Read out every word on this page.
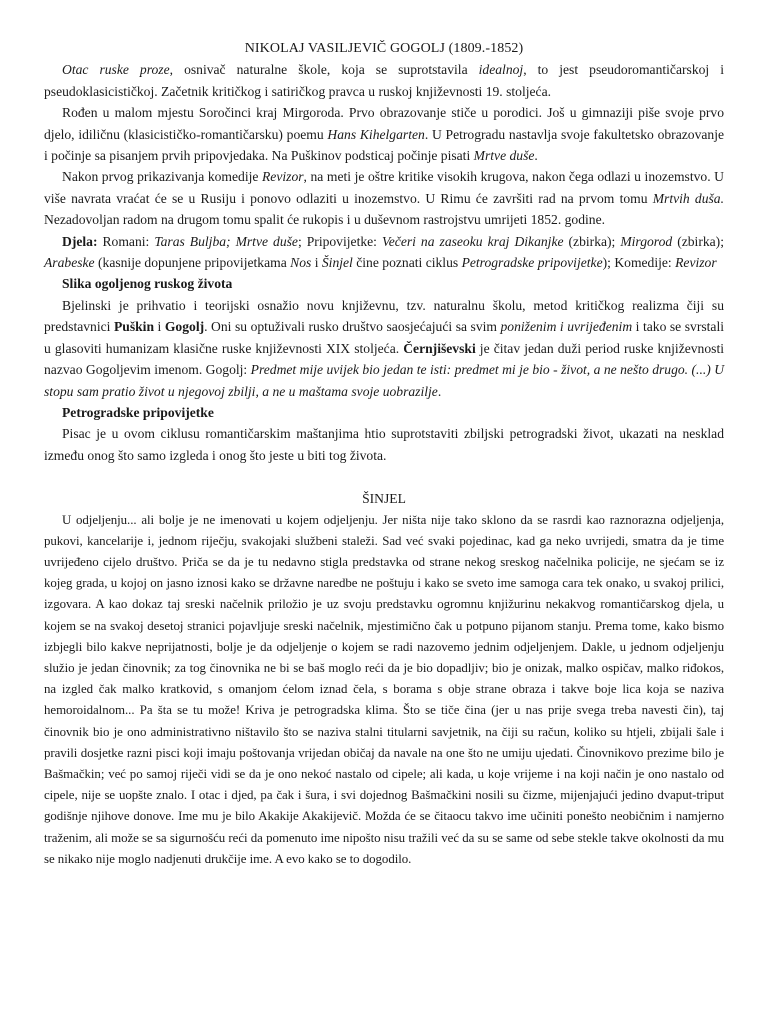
NIKOLAJ VASILJEVIČ GOGOLJ (1809.-1852)

Otac ruske proze, osnivač naturalne škole, koja se suprotstavila idealnoj, to jest pseudoromantičarskoj i pseudoklasicističkoj. Začetnik kritičkog i satiričkog pravca u ruskoj književnosti 19. stoljeća.

Rođen u malom mjestu Soročinci kraj Mirgoroda. Prvo obrazovanje stiče u porodici. Još u gimnaziji piše svoje prvo djelo, idiličnu (klasicističko-romantičarsku) poemu Hans Kihelgarten. U Petrogradu nastavlja svoje fakultetsko obrazovanje i počinje sa pisanjem prvih pripovjedaka. Na Puškinov podsticaj počinje pisati Mrtve duše.

Nakon prvog prikazivanja komedije Revizor, na meti je oštre kritike visokih krugova, nakon čega odlazi u inozemstvo. U više navrata vraćat će se u Rusiju i ponovo odlaziti u inozemstvo. U Rimu će završiti rad na prvom tomu Mrtvih duša. Nezadovoljan radom na drugom tomu spalit će rukopis i u duševnom rastrojstvu umrijeti 1852. godine.

Djela: Romani: Taras Buljba; Mrtve duše; Pripovijetke: Večeri na zaseoku kraj Dikanjke (zbirka); Mirgorod (zbirka); Arabeske (kasnije dopunjene pripovijetkama Nos i Šinjel čine poznati ciklus Petrogradske pripovijetke); Komedije: Revizor

Slika ogoljenog ruskog života

Bjelinski je prihvatio i teorijski osnažio novu književnu, tzv. naturalnu školu, metod kritičkog realizma čiji su predstavnici Puškin i Gogolj. Oni su optuživali rusko društvo saosjećajući sa svim poniženim i uvrijeđenim i tako se svrstali u glasoviti humanizam klasične ruske književnosti XIX stoljeća. Černjiševski je čitav jedan duži period ruske književnosti nazvao Gogoljevim imenom. Gogolj: Predmet mije uvijek bio jedan te isti: predmet mi je bio - život, a ne nešto drugo. (...) U stopu sam pratio život u njegovoj zbilji, a ne u maštama svoje uobrazilje.

Petrogradske pripovijetke

Pisac je u ovom ciklusu romantičarskim maštanjima htio suprotstaviti zbiljski petrogradski život, ukazati na nesklad između onog što samo izgleda i onog što jeste u biti tog života.

ŠINJEL

U odjeljenju... ali bolje je ne imenovati u kojem odjeljenju. Jer ništa nije tako sklono da se rasrdi kao raznorazna odjeljenja, pukovi, kancelarije i, jednom riječju, svakojaki službeni staleži. Sad već svaki pojedinac, kad ga neko uvrijedi, smatra da je time uvrijeđeno cijelo društvo. Priča se da je tu nedavno stigla predstavka od strane nekog sreskog načelnika policije, ne sjećam se iz kojeg grada, u kojoj on jasno iznosi kako se državne naredbe ne poštuju i kako se sveto ime samoga cara tek onako, u svakoj prilici, izgovara. A kao dokaz taj sreski načelnik priložio je uz svoju predstavku ogromnu knjižurinu nekakvog romantičarskog djela, u kojem se na svakoj desetoj stranici pojavljuje sreski načelnik, mjestimično čak u potpuno pijanom stanju. Prema tome, kako bismo izbjegli bilo kakve neprijatnosti, bolje je da odjeljenje o kojem se radi nazovemo jednim odjeljenjem. Dakle, u jednom odjeljenju služio je jedan činovnik; za tog činovnika ne bi se baš moglo reći da je bio dopadljiv; bio je onizak, malko ospičav, malko riđokos, na izgled čak malko kratkovid, s omanjom ćelom iznad čela, s borama s obje strane obraza i takve boje lica koja se naziva hemoroidalnom... Pa šta se tu može! Kriva je petrogradska klima. Što se tiče čina (jer u nas prije svega treba navesti čin), taj činovnik bio je ono administrativno ništavilo što se naziva stalni titularni savjetnik, na čiji su račun, koliko su htjeli, zbijali šale i pravili dosjetke razni pisci koji imaju poštovanja vrijedan običaj da navale na one što ne umiju ujedati. Činovnikovo prezime bilo je Bašmačkin; već po samoj riječi vidi se da je ono nekoć nastalo od cipele; ali kada, u koje vrijeme i na koji način je ono nastalo od cipele, nije se uopšte znalo. I otac i djed, pa čak i šura, i svi dojednog Bašmačkini nosili su čizme, mijenjajući jedino dvaput-triput godišnje njihove donove. Ime mu je bilo Akakije Akakijevič. Možda će se čitaocu takvo ime učiniti ponešto neobičnim i namjerno traženim, ali može se sa sigurnošću reći da pomenuto ime nipošto nisu tražili već da su se same od sebe stekle takve okolnosti da mu se nikako nije moglo nadjenuti drukčije ime. A evo kako se to dogodilo.
